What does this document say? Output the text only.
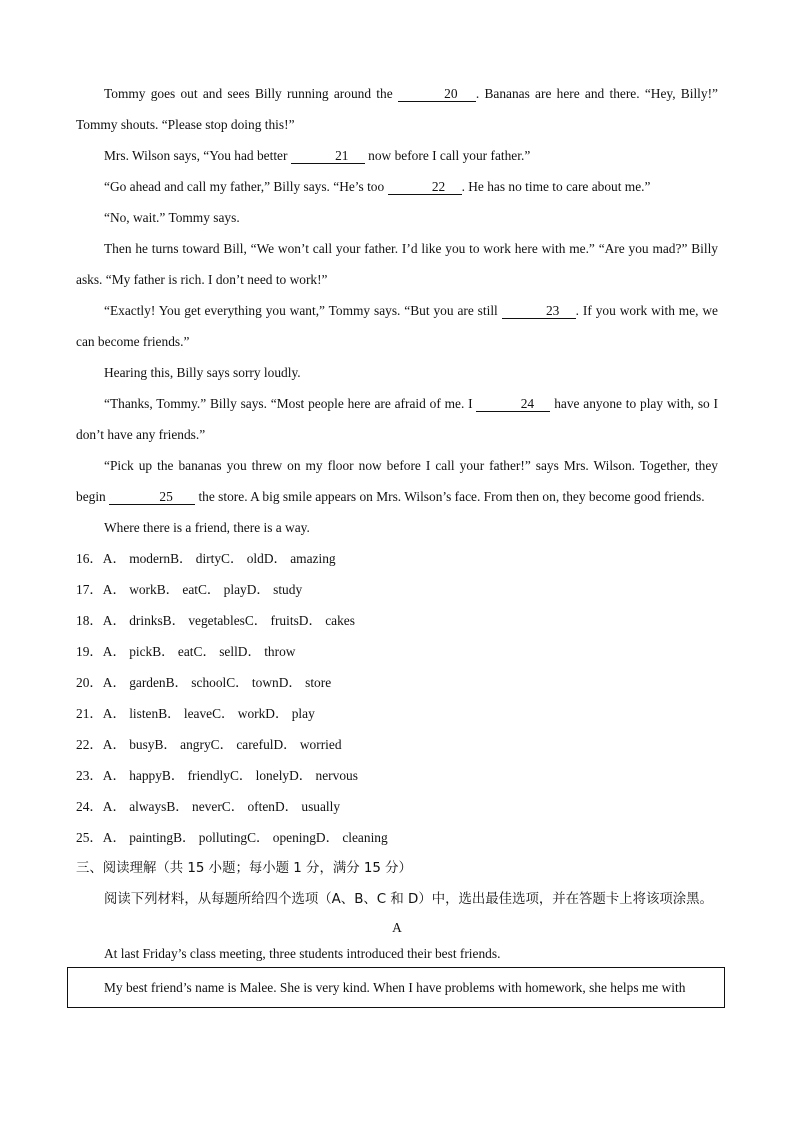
Tommy goes out and sees Billy running around the	20 . Bananas are here and there. “Hey, Billy!” Tommy shouts. “Please stop doing this!”

Mrs. Wilson says, “You had better	21 now before I call your father.”

“Go ahead and call my father,” Billy says. “He’s too	22 . He has no time to care about me.”

“No, wait.” Tommy says.

Then he turns toward Bill, “We won’t call your father. I’d like you to work here with me.” “Are you mad?” Billy asks. “My father is rich. I don’t need to work!”

“Exactly! You get everything you want,” Tommy says. “But you are still	23 . If you work with me, we can become friends.”

Hearing this, Billy says sorry loudly.

“Thanks, Tommy.” Billy says. “Most people here are afraid of me. I	24 have anyone to play with, so I don’t have any friends.”

“Pick up the bananas you threw on my floor now before I call your father!” says Mrs. Wilson. Together, they begin	25 the store. A big smile appears on Mrs. Wilson’s face. From then on, they become good friends.

Where there is a friend, there is a way.

16．A． modernB． dirtyC． oldD． amazing

17．A． workB． eatC． playD． study

18．A． drinksB． vegetablesC． fruitsD． cakes

19．A． pickB． eatC． sellD． throw

20．A． gardenB． schoolC． townD． store

21．A． listenB． leaveC． workD． play

22．A． busyB． angryC． carefulD． worried

23．A． happyB． friendlyC． lonelyD． nervous

24．A． alwaysB． neverC． oftenD． usually

25．A． paintingB． pollutingC． openingD． cleaning

三、阅读理解（共 15 小题；每小题 1 分，满分 15 分）

阅读下列材料，从每题所给四个选项（A、B、C 和 D）中，选出最佳选项，并在答题卡上将该项涂黑。

A

At last Friday’s class meeting, three students introduced their best friends.

My best friend’s name is Malee. She is very kind. When I have problems with homework, she helps me with
